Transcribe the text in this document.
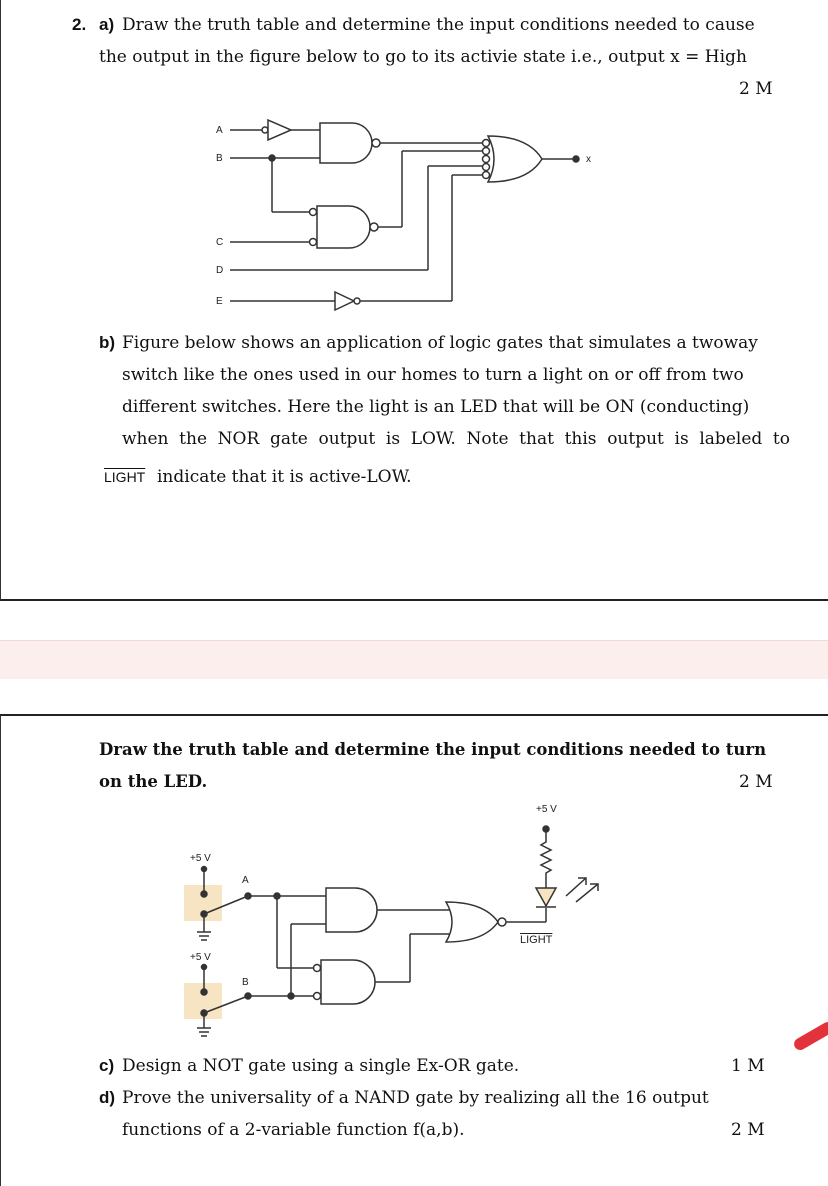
2. a) Draw the truth table and determine the input conditions needed to cause
the output in the figure below to go to its activie state i.e., output x = High
2 M
A
B
C
D
E
x
b) Figure below shows an application of logic gates that simulates a twoway
switch like the ones used in our homes to turn a light on or off from two
different switches. Here the light is an LED that will be ON (conducting)
when the NOR gate output is LOW. Note that this output is labeled to
LIGHT indicate that it is active-LOW.
Draw the truth table and determine the input conditions needed to turn
on the LED.	2 M
+5 V
+5 V
+5 V
A
B
LIGHT
c) Design a NOT gate using a single Ex-OR gate.	1 M
d) Prove the universality of a NAND gate by realizing all the 16 output
functions of a 2-variable function f(a,b).	2 M
